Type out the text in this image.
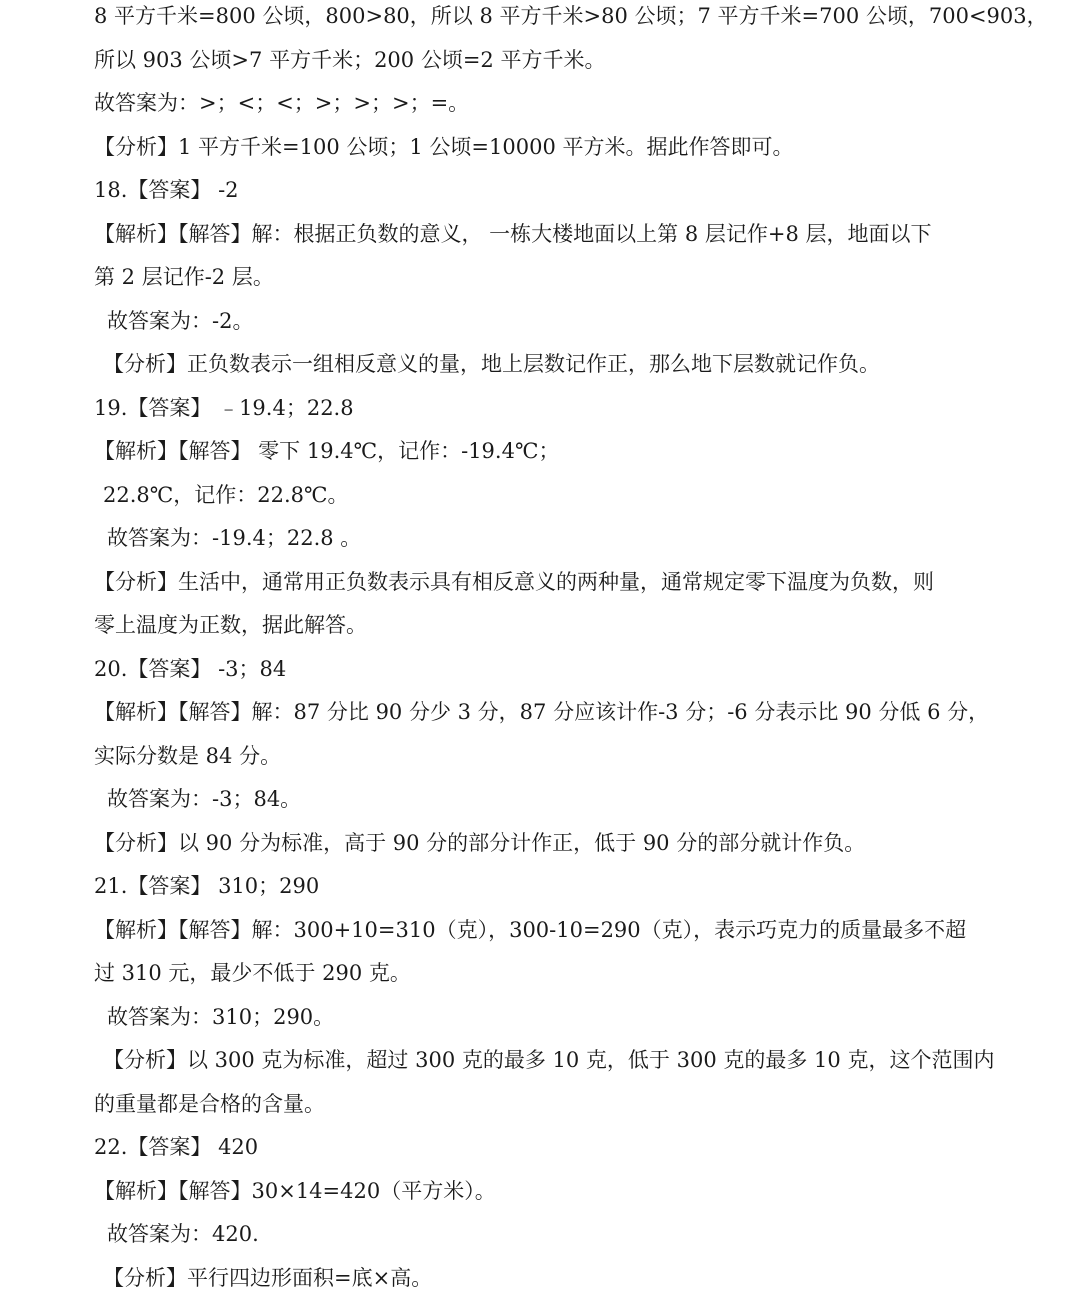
8 平方千米=800 公顷，800>80，所以 8 平方千米>80 公顷；7 平方千米=700 公顷，700<903，
所以 903 公顷>7 平方千米；200 公顷=2 平方千米。
故答案为：>；<；<；>；>；>；=。
【分析】1 平方千米=100 公顷；1 公顷=10000 平方米。据此作答即可。
18.【答案】 -2
【解析】【解答】解：根据正负数的意义， 一栋大楼地面以上第 8 层记作+8 层，地面以下
第 2 层记作-2 层。
故答案为：-2。
【分析】正负数表示一组相反意义的量，地上层数记作正，那么地下层数就记作负。
19.【答案】 ﹣19.4；22.8
【解析】【解答】 零下 19.4℃，记作：-19.4℃；
22.8℃，记作：22.8℃。
故答案为：-19.4；22.8 。
【分析】生活中，通常用正负数表示具有相反意义的两种量，通常规定零下温度为负数，则
零上温度为正数，据此解答。
20.【答案】 -3；84
【解析】【解答】解：87 分比 90 分少 3 分，87 分应该计作-3 分；-6 分表示比 90 分低 6 分，
实际分数是 84 分。
故答案为：-3；84。
【分析】以 90 分为标准，高于 90 分的部分计作正，低于 90 分的部分就计作负。
21.【答案】 310；290
【解析】【解答】解：300+10=310（克），300-10=290（克），表示巧克力的质量最多不超
过 310 元，最少不低于 290 克。
故答案为：310；290。
【分析】以 300 克为标准，超过 300 克的最多 10 克，低于 300 克的最多 10 克，这个范围内
的重量都是合格的含量。
22.【答案】 420
【解析】【解答】30×14=420（平方米）。
故答案为：420.
【分析】平行四边形面积=底×高。
